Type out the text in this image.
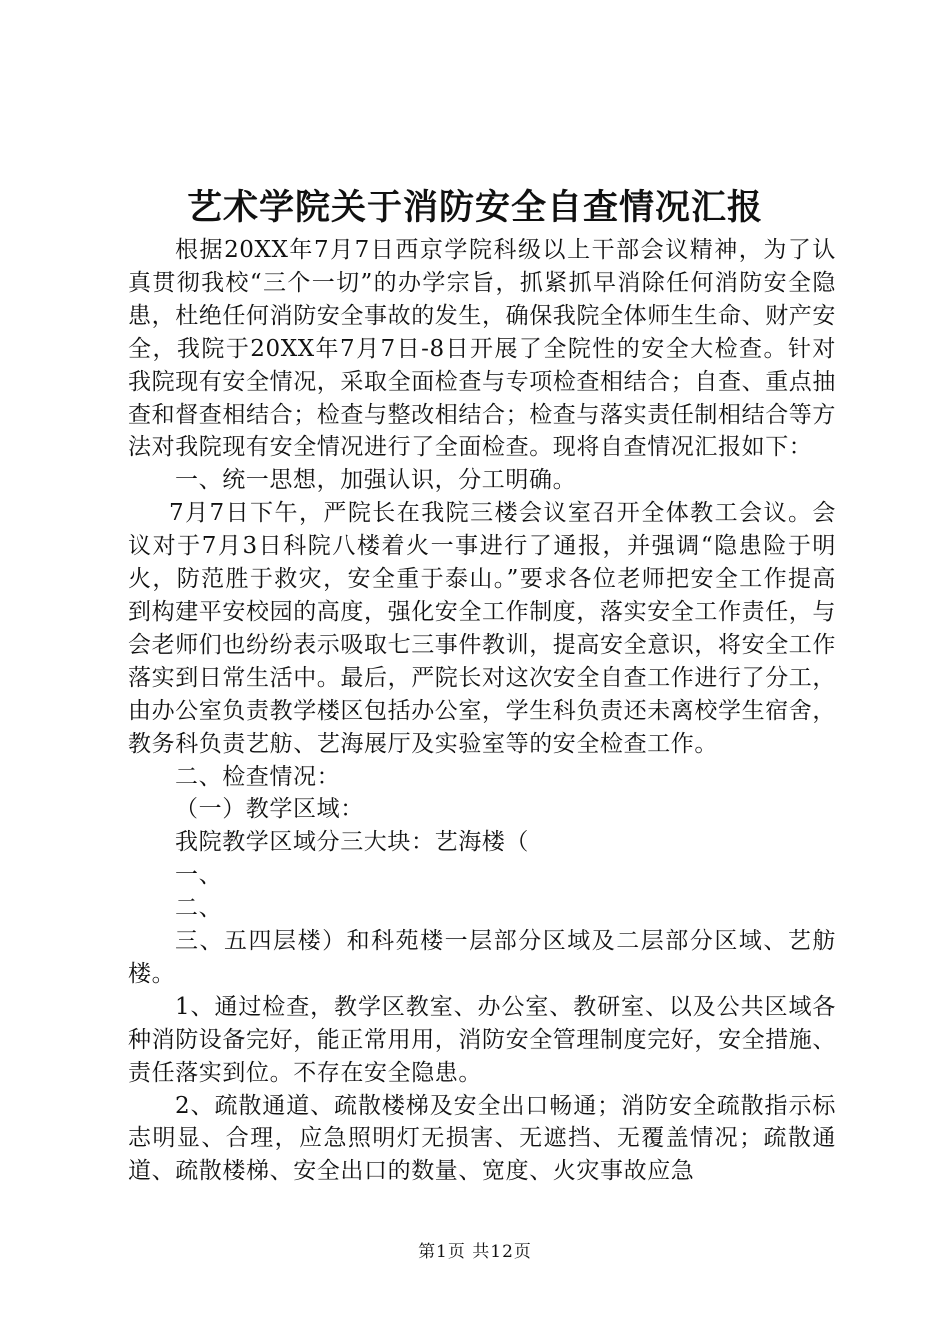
艺术学院关于消防安全自查情况汇报

根据20XX年7月7日西京学院科级以上干部会议精神，为了认真贯彻我校“三个一切”的办学宗旨，抓紧抓早消除任何消防安全隐患，杜绝任何消防安全事故的发生，确保我院全体师生生命、财产安全，我院于20XX年7月7日-8日开展了全院性的安全大检查。针对我院现有安全情况，采取全面检查与专项检查相结合；自查、重点抽查和督查相结合；检查与整改相结合；检查与落实责任制相结合等方法对我院现有安全情况进行了全面检查。现将自查情况汇报如下：

一、统一思想，加强认识，分工明确。

7月7日下午，严院长在我院三楼会议室召开全体教工会议。会议对于7月3日科院八楼着火一事进行了通报，并强调“隐患险于明火，防范胜于救灾，安全重于泰山。”要求各位老师把安全工作提高到构建平安校园的高度，强化安全工作制度，落实安全工作责任，与会老师们也纷纷表示吸取七三事件教训，提高安全意识，将安全工作落实到日常生活中。最后，严院长对这次安全自查工作进行了分工，由办公室负责教学楼区包括办公室，学生科负责还未离校学生宿舍，教务科负责艺舫、艺海展厅及实验室等的安全检查工作。

二、检查情况：

（一）教学区域：

我院教学区域分三大块：艺海楼（

一、

二、

三、五四层楼）和科苑楼一层部分区域及二层部分区域、艺舫楼。

1、通过检查，教学区教室、办公室、教研室、以及公共区域各种消防设备完好，能正常用用，消防安全管理制度完好，安全措施、责任落实到位。不存在安全隐患。

2、疏散通道、疏散楼梯及安全出口畅通；消防安全疏散指示标志明显、合理，应急照明灯无损害、无遮挡、无覆盖情况；疏散通道、疏散楼梯、安全出口的数量、宽度、火灾事故应急

第1页 共12页
